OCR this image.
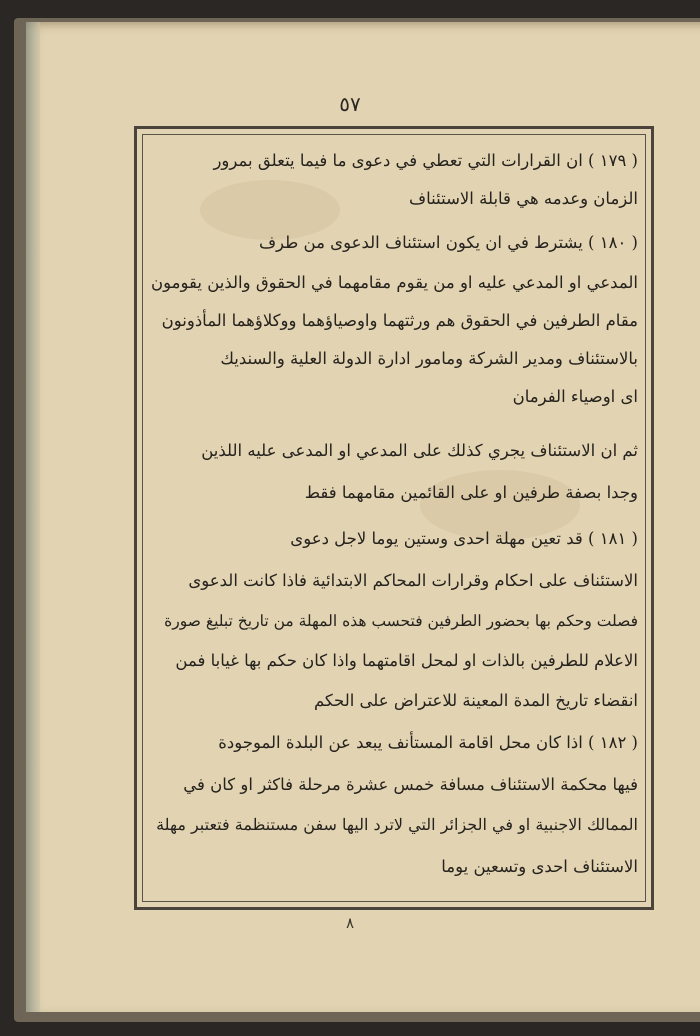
٥٧
( ١٧٩ ) ان القرارات التي تعطي في دعوى ما فيما يتعلق بمرور
الزمان وعدمه هي قابلة الاستئناف
( ١٨٠ ) يشترط في ان يكون استئناف الدعوى من طرف
المدعي او المدعي عليه او من يقوم مقامهما في الحقوق والذين يقومون
مقام الطرفين في الحقوق هم ورثتهما واوصياؤهما ووكلاؤهما المأذونون
بالاستئناف ومدير الشركة ومامور ادارة الدولة العلية والسنديك
اى اوصياء الفرمان
ثم ان الاستئناف يجري كذلك على المدعي او المدعى عليه اللذين
وجدا بصفة طرفين او على القائمين مقامهما فقط
( ١٨١ ) قد تعين مهلة احدى وستين يوما لاجل دعوى
الاستئناف على احكام وقرارات المحاكم الابتدائية فاذا كانت الدعوى
فصلت وحكم بها بحضور الطرفين فتحسب هذه المهلة من تاريخ تبليغ صورة
الاعلام للطرفين بالذات او لمحل اقامتهما واذا كان حكم بها غيابا فمن
انقضاء تاريخ المدة المعينة للاعتراض على الحكم
( ١٨٢ ) اذا كان محل اقامة المستأنف يبعد عن البلدة الموجودة
فيها محكمة الاستئناف مسافة خمس عشرة مرحلة فاكثر او كان في
الممالك الاجنبية او في الجزائر التي لاترد اليها سفن مستنظمة فتعتبر مهلة
الاستئناف احدى وتسعين يوما
٨
